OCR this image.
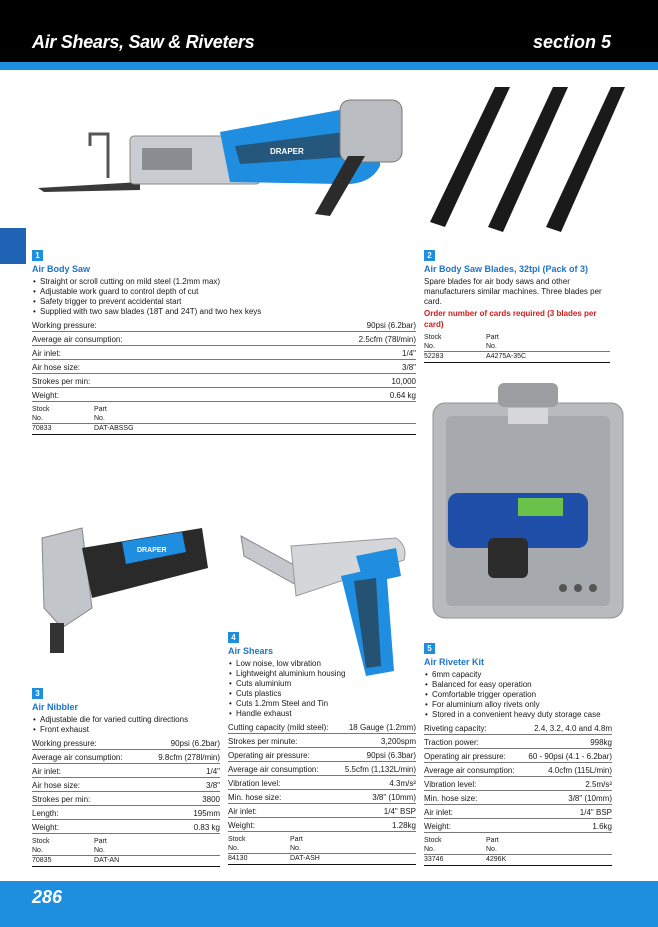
Air Shears, Saw & Riveters	section 5
DRAPER
DRAPER
1
Air Body Saw
• Straight or scroll cutting on mild steel (1.2mm max)
• Adjustable work guard to control depth of cut
• Safety trigger to prevent accidental start
• Supplied with two saw blades (18T and 24T) and two hex keys
Working pressure:	90psi (6.2bar)
Average air consumption:	2.5cfm (78l/min)
Air inlet:	1/4"
Air hose size:	3/8"
Strokes per min:	10,000
Weight:	0.64 kg
Stock	Part
No.	No.
70833	DAT-ABSSG
2
Air Body Saw Blades, 32tpi (Pack of 3)
Spare blades for air body saws and other manufacturers similar machines. Three blades per card.
Order number of cards required (3 blades per card)
Stock	Part
No.	No.
52283	A4275A-35C
3
Air Nibbler
• Adjustable die for varied cutting directions
• Front exhaust
Working pressure:	90psi (6.2bar)
Average air consumption:	9.8cfm (278l/min)
Air inlet:	1/4"
Air hose size:	3/8"
Strokes per min:	3800
Length:	195mm
Weight:	0.83 kg
Stock	Part
No.	No.
70835	DAT-AN
4
Air Shears
• Low noise, low vibration
• Lightweight aluminium housing
• Cuts aluminium
• Cuts plastics
• Cuts 1.2mm Steel and Tin
• Handle exhaust
Cutting capacity (mild steel):	18 Gauge (1.2mm)
Strokes per minute:	3,200spm
Operating air pressure:	90psi (6.3bar)
Average air consumption:	5.5cfm (1,132L/min)
Vibration level:	4.3m/s²
Min. hose size:	3/8" (10mm)
Air inlet:	1/4" BSP
Weight:	1.28kg
Stock	Part
No.	No.
84130	DAT-ASH
5
Air Riveter Kit
• 6mm capacity
• Balanced for easy operation
• Comfortable trigger operation
• For aluminium alloy rivets only
• Stored in a convenient heavy duty storage case
Riveting capacity:	2.4, 3.2, 4.0 and 4.8m
Traction power:	998kg
Operating air pressure:	60 - 90psi (4.1 - 6.2bar)
Average air consumption:	4.0cfm (115L/min)
Vibration level:	2.5m/s²
Min. hose size:	3/8" (10mm)
Air inlet:	1/4" BSP
Weight:	1.6kg
Stock	Part
No.	No.
33746	4296K
286
